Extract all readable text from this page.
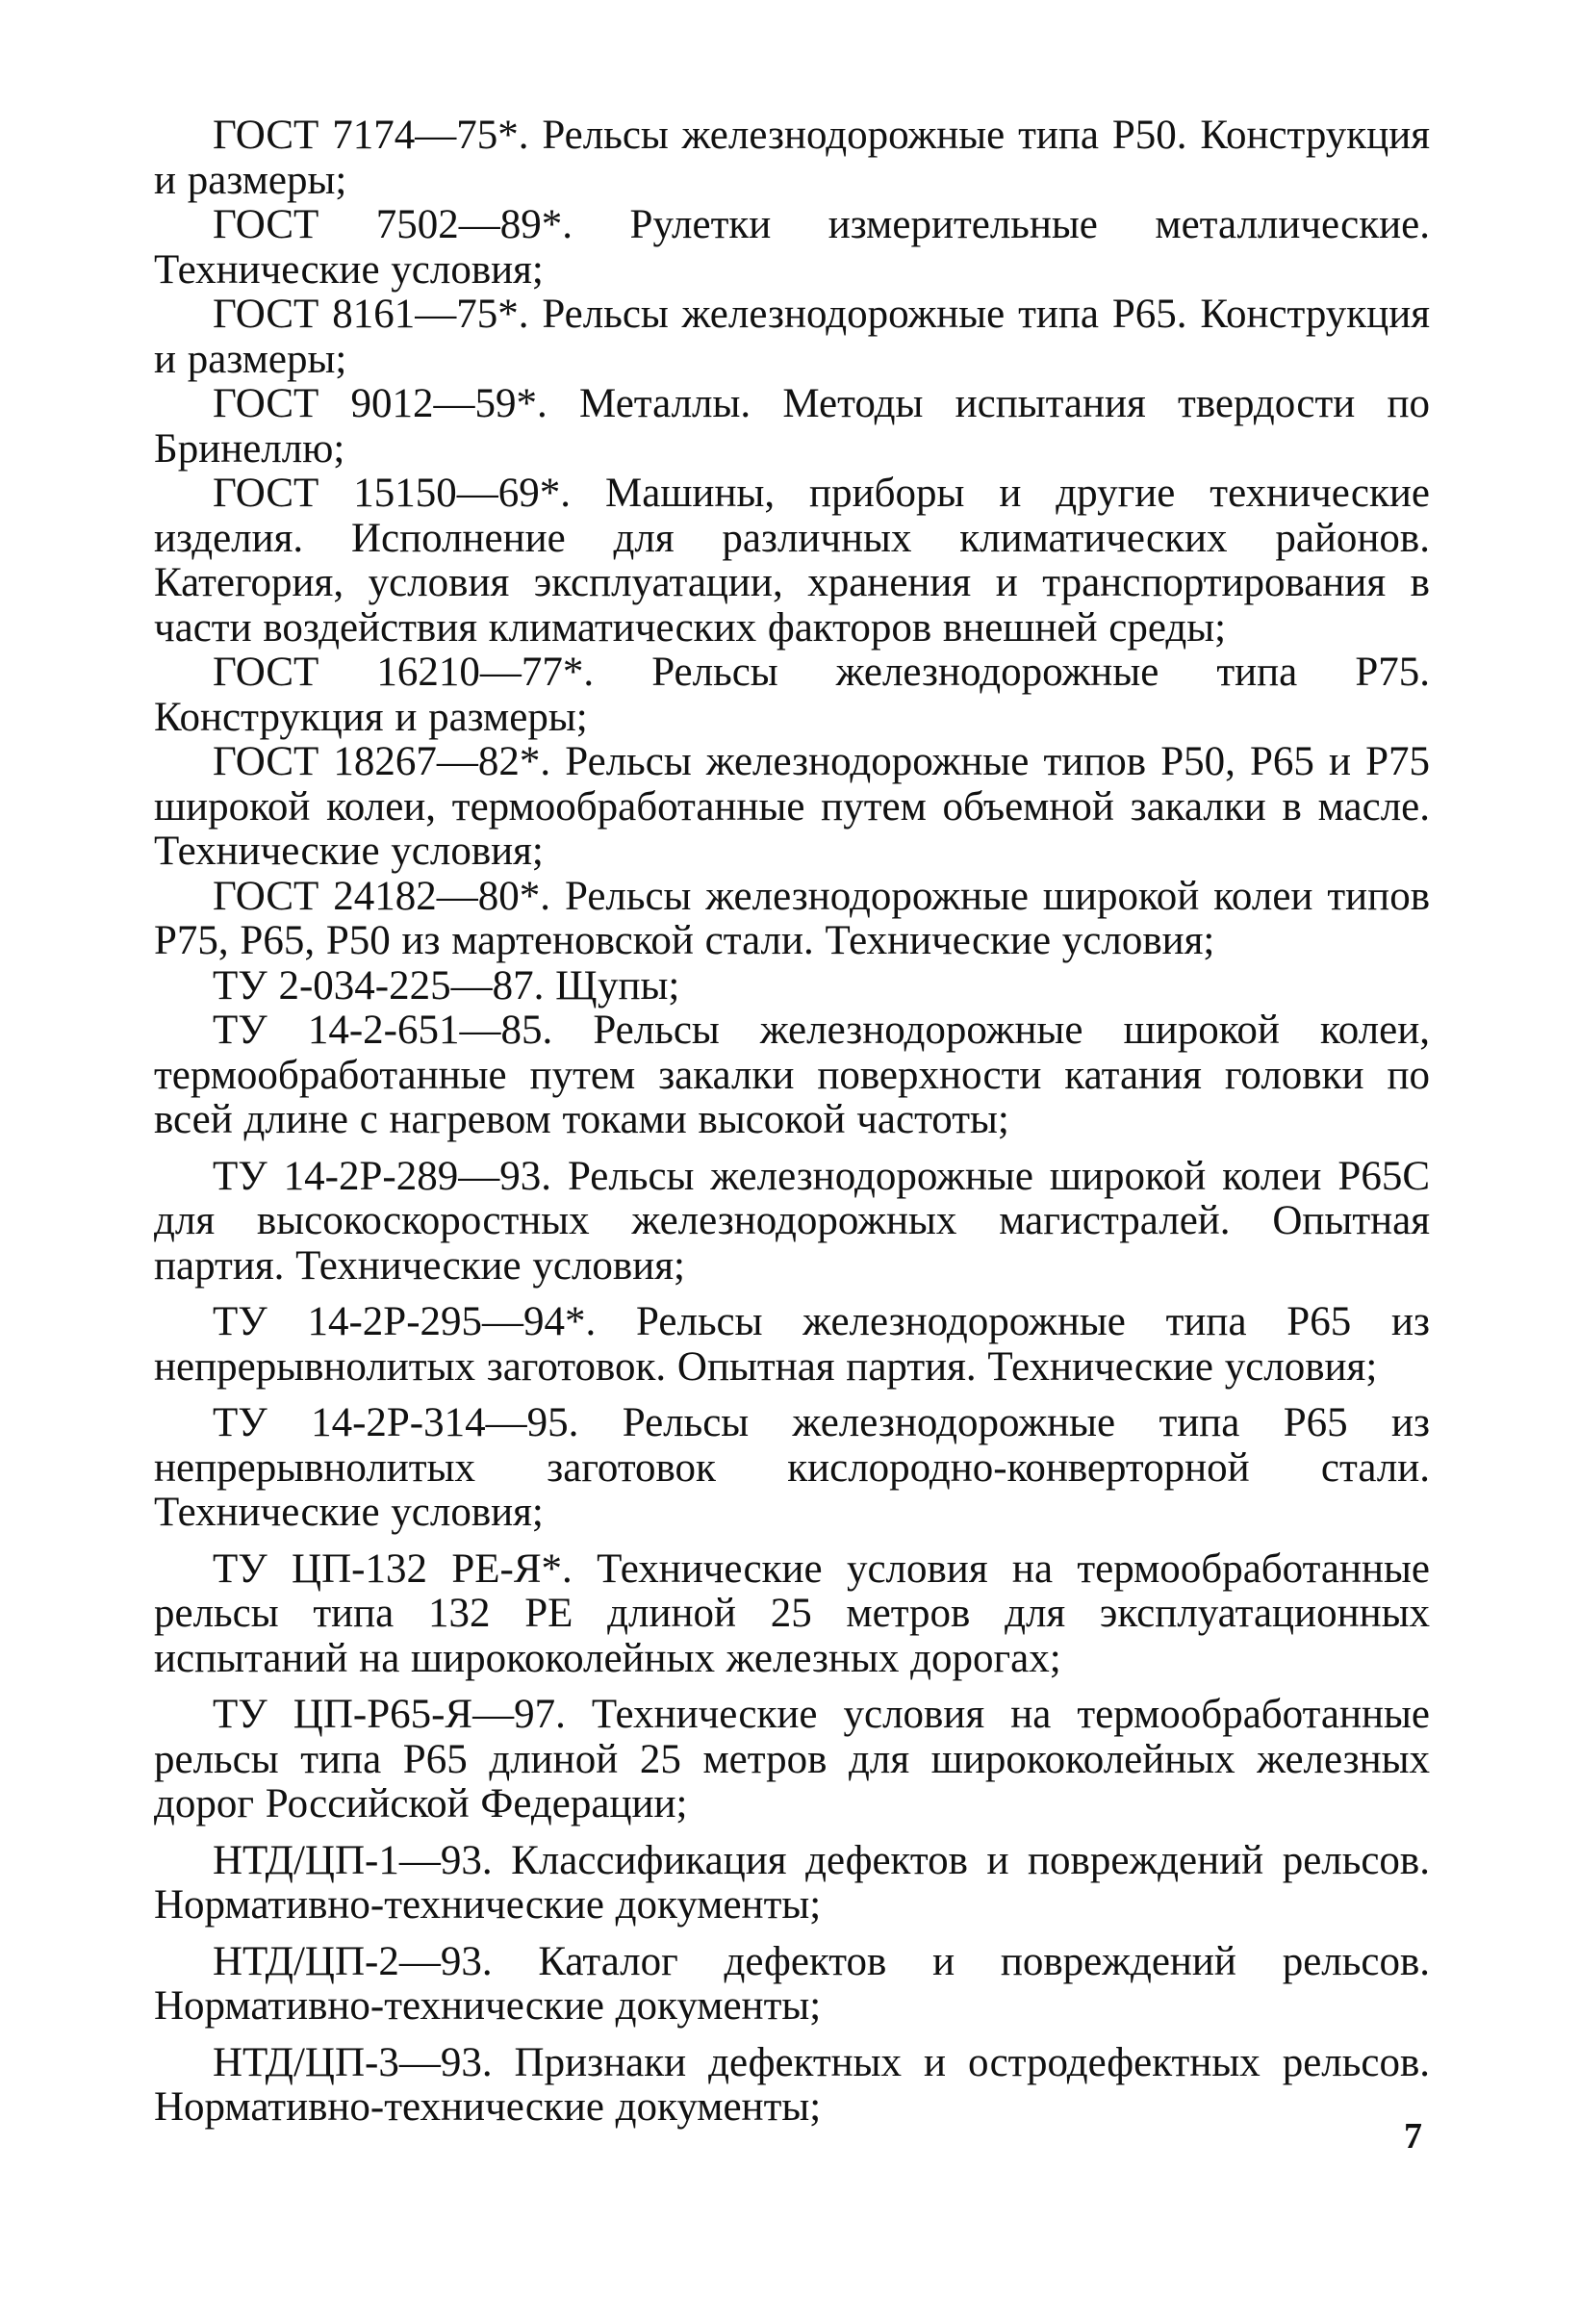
ГОСТ 7174—75*. Рельсы железнодорожные типа Р50. Конструкция и размеры;

ГОСТ 7502—89*. Рулетки измерительные металлические. Технические условия;

ГОСТ 8161—75*. Рельсы железнодорожные типа Р65. Конструкция и размеры;

ГОСТ 9012—59*. Металлы. Методы испытания твердости по Бринеллю;

ГОСТ 15150—69*. Машины, приборы и другие технические изделия. Исполнение для различных климатических районов. Категория, условия эксплуатации, хранения и транспортирования в части воздействия климатических факторов внешней среды;

ГОСТ 16210—77*. Рельсы железнодорожные типа Р75. Конструкция и размеры;

ГОСТ 18267—82*. Рельсы железнодорожные типов Р50, Р65 и Р75 широкой колеи, термообработанные путем объемной закалки в масле. Технические условия;

ГОСТ 24182—80*. Рельсы железнодорожные широкой колеи типов Р75, Р65, Р50 из мартеновской стали. Технические условия;

ТУ 2-034-225—87. Щупы;

ТУ 14-2-651—85. Рельсы железнодорожные широкой колеи, термообработанные путем закалки поверхности катания головки по всей длине с нагревом токами высокой частоты;

ТУ 14-2Р-289—93. Рельсы железнодорожные широкой колеи Р65С для высокоскоростных железнодорожных магистралей. Опытная партия. Технические условия;

ТУ 14-2Р-295—94*. Рельсы железнодорожные типа Р65 из непрерывнолитых заготовок. Опытная партия. Технические условия;

ТУ 14-2Р-314—95. Рельсы железнодорожные типа Р65 из непрерывнолитых заготовок кислородно-конверторной стали. Технические условия;

ТУ ЦП-132 РЕ-Я*. Технические условия на термообработанные рельсы типа 132 РЕ длиной 25 метров для эксплуатационных испытаний на ширококолейных железных дорогах;

ТУ ЦП-Р65-Я—97. Технические условия на термообработанные рельсы типа Р65 длиной 25 метров для ширококолейных железных дорог Российской Федерации;

НТД/ЦП-1—93. Классификация дефектов и повреждений рельсов. Нормативно-технические документы;

НТД/ЦП-2—93. Каталог дефектов и повреждений рельсов. Нормативно-технические документы;

НТД/ЦП-3—93. Признаки дефектных и остродефектных рельсов. Нормативно-технические документы;

7
